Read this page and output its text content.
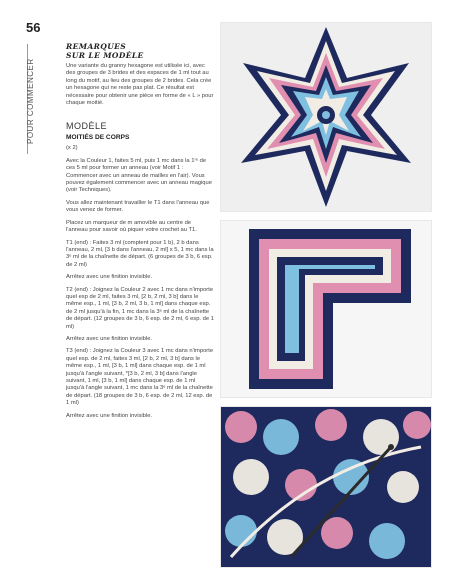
56
POUR COMMENCER
REMARQUES
SUR LE MODÈLE

Une variante du granny hexagone est utilisée ici, avec des groupes de 3 brides et des espaces de 1 ml tout au long du motif, au lieu des groupes de 2 brides. Cela crée un hexagone qui ne reste pas plat. Ce résultat est nécessaire pour obtenir une pièce en forme de « L » pour chaque moitié.

MODÈLE
MOITIÉS DE CORPS

(x 2)

Avec la Couleur 1, faites 5 ml, puis 1 mc dans la 1ʳᵉ de ces 5 ml pour former un anneau (voir Motif 1 : Commencer avec un anneau de mailles en l'air). Vous pouvez également commencer avec un anneau magique (voir Techniques).

Vous allez maintenant travailler le T1 dans l'anneau que vous venez de former.

Placez un marqueur de m amovible au centre de l'anneau pour savoir où piquer votre crochet au T1.

T1 (end) : Faites 3 ml (comptent pour 1 b), 2 b dans l'anneau, 2 ml, [3 b dans l'anneau, 2 ml] x 5, 1 mc dans la 3ᵉ ml de la chaînette de départ. (6 groupes de 3 b, 6 esp. de 2 ml)

Arrêtez avec une finition invisible.

T2 (end) : Joignez la Couleur 2 avec 1 mc dans n'importe quel esp de 2 ml, faites 3 ml, [2 b, 2 ml, 3 b] dans le même esp., 1 ml, [3 b, 2 ml, 3 b, 1 ml] dans chaque esp. de 2 ml jusqu'à la fin, 1 mc dans la 3ᵉ ml de la chaînette de départ. (12 groupes de 3 b, 6 esp. de 2 ml, 6 esp. de 1 ml)

Arrêtez avec une finition invisible.

T3 (end) : Joignez la Couleur 3 avec 1 mc dans n'importe quel esp. de 2 ml, faites 3 ml, [2 b, 2 ml, 3 b] dans le même esp., 1 ml, [3 b, 1 ml] dans chaque esp. de 1 ml jusqu'à l'angle suivant, *[3 b, 2 ml, 3 b] dans l'angle suivant, 1 ml, [3 b, 1 ml] dans chaque esp. de 1 ml jusqu'à l'angle suivant, 1 mc dans la 3ᵉ ml de la chaînette de départ. (18 groupes de 3 b, 6 esp. de 2 ml, 12 esp. de 1 ml)

Arrêtez avec une finition invisible.
